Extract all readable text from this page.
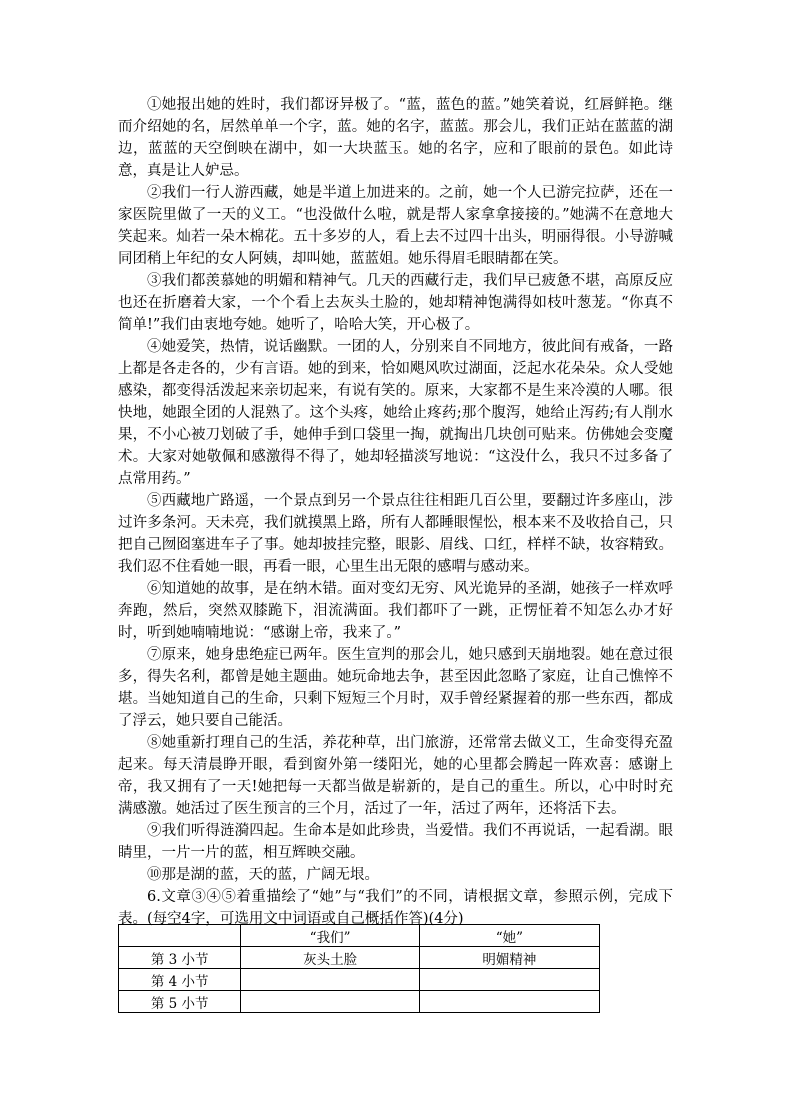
①她报出她的姓时，我们都讶异极了。“蓝，蓝色的蓝。”她笑着说，红唇鲜艳。继而介绍她的名，居然单单一个字，蓝。她的名字，蓝蓝。那会儿，我们正站在蓝蓝的湖边，蓝蓝的天空倒映在湖中，如一大块蓝玉。她的名字，应和了眼前的景色。如此诗意，真是让人妒忌。

②我们一行人游西藏，她是半道上加进来的。之前，她一个人已游完拉萨，还在一家医院里做了一天的义工。“也没做什么啦，就是帮人家拿拿接接的。”她满不在意地大笑起来。灿若一朵木棉花。五十多岁的人，看上去不过四十出头，明丽得很。小导游喊同团稍上年纪的女人阿姨，却叫她，蓝蓝姐。她乐得眉毛眼睛都在笑。

③我们都羡慕她的明媚和精神气。几天的西藏行走，我们早已疲惫不堪，高原反应也还在折磨着大家，一个个看上去灰头土脸的，她却精神饱满得如枝叶葱茏。“你真不简单!”我们由衷地夸她。她听了，哈哈大笑，开心极了。

④她爱笑，热情，说话幽默。一团的人，分别来自不同地方，彼此间有戒备，一路上都是各走各的，少有言语。她的到来，恰如飓风吹过湖面，泛起水花朵朵。众人受她感染，都变得活泼起来亲切起来，有说有笑的。原来，大家都不是生来冷漠的人哪。很快地，她跟全团的人混熟了。这个头疼，她给止疼药;那个腹泻，她给止泻药;有人削水果，不小心被刀划破了手，她伸手到口袋里一掏，就掏出几块创可贴来。仿佛她会变魔术。大家对她敬佩和感激得不得了，她却轻描淡写地说：“这没什么，我只不过多备了点常用药。”

⑤西藏地广路遥，一个景点到另一个景点往往相距几百公里，要翻过许多座山，涉过许多条河。天未亮，我们就摸黑上路，所有人都睡眼惺忪，根本来不及收拾自己，只把自己囫囵塞进车子了事。她却披挂完整，眼影、眉线、口红，样样不缺，妆容精致。我们忍不住看她一眼，再看一眼，心里生出无限的感喟与感动来。

⑥知道她的故事，是在纳木错。面对变幻无穷、风光诡异的圣湖，她孩子一样欢呼奔跑，然后，突然双膝跪下，泪流满面。我们都吓了一跳，正愣怔着不知怎么办才好时，听到她喃喃地说：“感谢上帝，我来了。”

⑦原来，她身患绝症已两年。医生宣判的那会儿，她只感到天崩地裂。她在意过很多，得失名利，都曾是她主题曲。她玩命地去争，甚至因此忽略了家庭，让自己憔悴不堪。当她知道自己的生命，只剩下短短三个月时，双手曾经紧握着的那一些东西，都成了浮云，她只要自己能活。

⑧她重新打理自己的生活，养花种草，出门旅游，还常常去做义工，生命变得充盈起来。每天清晨睁开眼，看到窗外第一缕阳光，她的心里都会腾起一阵欢喜：感谢上帝，我又拥有了一天!她把每一天都当做是崭新的，是自己的重生。所以，心中时时充满感激。她活过了医生预言的三个月，活过了一年，活过了两年，还将活下去。

⑨我们听得涟漪四起。生命本是如此珍贵，当爱惜。我们不再说话，一起看湖。眼睛里，一片一片的蓝，相互辉映交融。

⑩那是湖的蓝，天的蓝，广阔无垠。

6.文章③④⑤着重描绘了“她”与“我们”的不同，请根据文章，参照示例，完成下表。(每空4字，可选用文中词语或自己概括作答)(4分)

	“我们”	“她”
第 3 小节	灰头土脸	明媚精神
第 4 小节		
第 5 小节		
